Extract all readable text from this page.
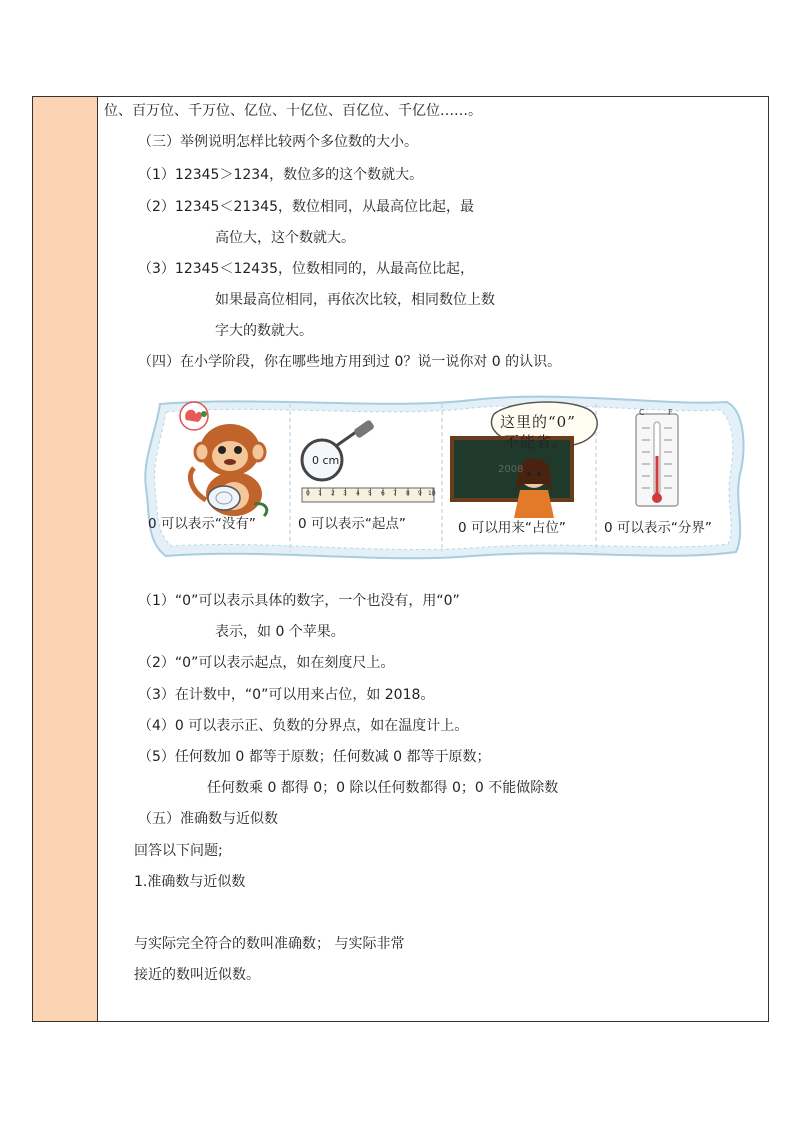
位、百万位、千万位、亿位、十亿位、百亿位、千亿位……。
（三）举例说明怎样比较两个多位数的大小。
（1）12345＞1234，数位多的这个数就大。
（2）12345＜21345，数位相同，从最高位比起，最
高位大，这个数就大。
（3）12345＜12435，位数相同的，从最高位比起，
如果最高位相同，再依次比较，相同数位上数
字大的数就大。
（四）在小学阶段，你在哪些地方用到过 0？说一说你对 0 的认识。
这里的“0”
不能省。
2008
0 cm
C	F
0 1 2 3 4 5 6 7 8 9 10
0 可以表示“没有”	0 可以表示“起点”	0 可以用来“占位”	0 可以表示“分界”
（1）“0”可以表示具体的数字，一个也没有，用“0”
表示，如 0 个苹果。
（2）“0”可以表示起点，如在刻度尺上。
（3）在计数中，“0”可以用来占位，如 2018。
（4）0 可以表示正、负数的分界点，如在温度计上。
（5）任何数加 0 都等于原数；任何数减 0 都等于原数；
任何数乘 0 都得 0；0 除以任何数都得 0；0 不能做除数
（五）准确数与近似数
回答以下问题;
1.准确数与近似数
与实际完全符合的数叫准确数； 与实际非常
接近的数叫近似数。
